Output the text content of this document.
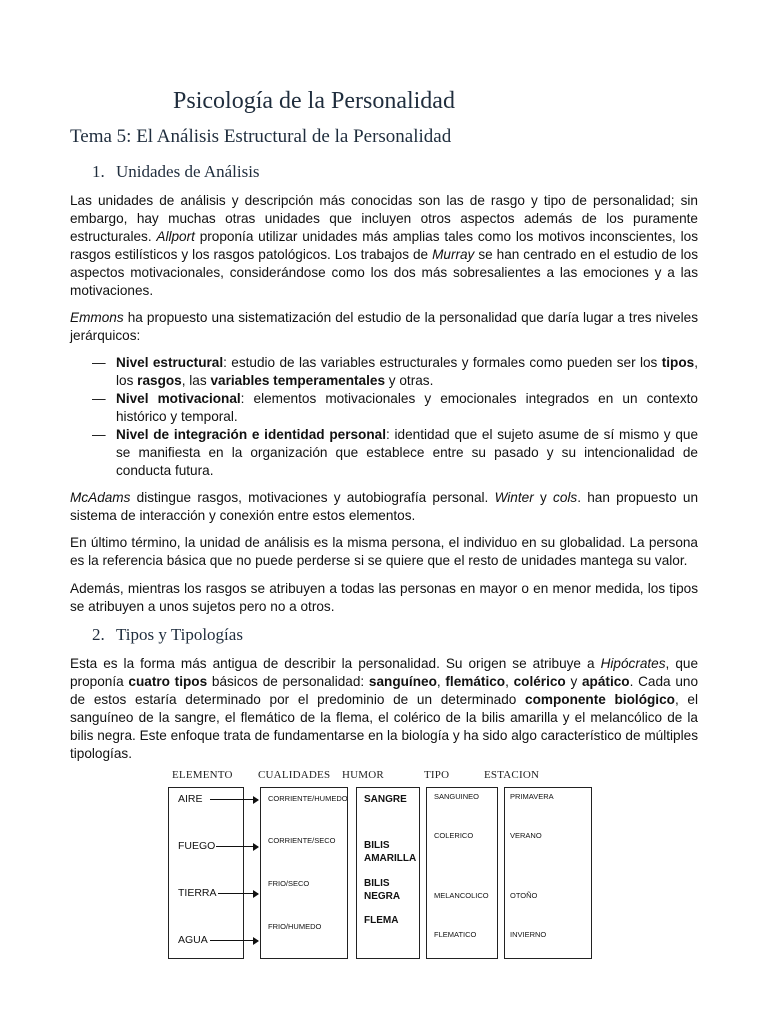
Psicología de la Personalidad
Tema 5: El Análisis Estructural de la Personalidad
1. Unidades de Análisis

Las unidades de análisis y descripción más conocidas son las de rasgo y tipo de personalidad; sin embargo, hay muchas otras unidades que incluyen otros aspectos además de los puramente estructurales. Allport proponía utilizar unidades más amplias tales como los motivos inconscientes, los rasgos estilísticos y los rasgos patológicos. Los trabajos de Murray se han centrado en el estudio de los aspectos motivacionales, considerándose como los dos más sobresalientes a las emociones y a las motivaciones.

Emmons ha propuesto una sistematización del estudio de la personalidad que daría lugar a tres niveles jerárquicos:

— Nivel estructural: estudio de las variables estructurales y formales como pueden ser los tipos, los rasgos, las variables temperamentales y otras.
— Nivel motivacional: elementos motivacionales y emocionales integrados en un contexto histórico y temporal.
— Nivel de integración e identidad personal: identidad que el sujeto asume de sí mismo y que se manifiesta en la organización que establece entre su pasado y su intencionalidad de conducta futura.

McAdams distingue rasgos, motivaciones y autobiografía personal. Winter y cols. han propuesto un sistema de interacción y conexión entre estos elementos.

En último término, la unidad de análisis es la misma persona, el individuo en su globalidad. La persona es la referencia básica que no puede perderse si se quiere que el resto de unidades mantega su valor.

Además, mientras los rasgos se atribuyen a todas las personas en mayor o en menor medida, los tipos se atribuyen a unos sujetos pero no a otros.

2. Tipos y Tipologías

Esta es la forma más antigua de describir la personalidad. Su origen se atribuye a Hipócrates, que proponía cuatro tipos básicos de personalidad: sanguíneo, flemático, colérico y apático. Cada uno de estos estaría determinado por el predominio de un determinado componente biológico, el sanguíneo de la sangre, el flemático de la flema, el colérico de la bilis amarilla y el melancólico de la bilis negra. Este enfoque trata de fundamentarse en la biología y ha sido algo característico de múltiples tipologías.

ELEMENTO CUALIDADES HUMOR	TIPO	ESTACION
AIRE
FUEGO
TIERRA
AGUA
CORRIENTE/HUMEDO
CORRIENTE/SECO
FRIO/SECO
FRIO/HUMEDO
SANGRE
BILIS AMARILLA
BILIS NEGRA
FLEMA
SANGUINEO
COLERICO
MELANCOLICO
FLEMATICO
PRIMAVERA
VERANO
OTOÑO
INVIERNO
